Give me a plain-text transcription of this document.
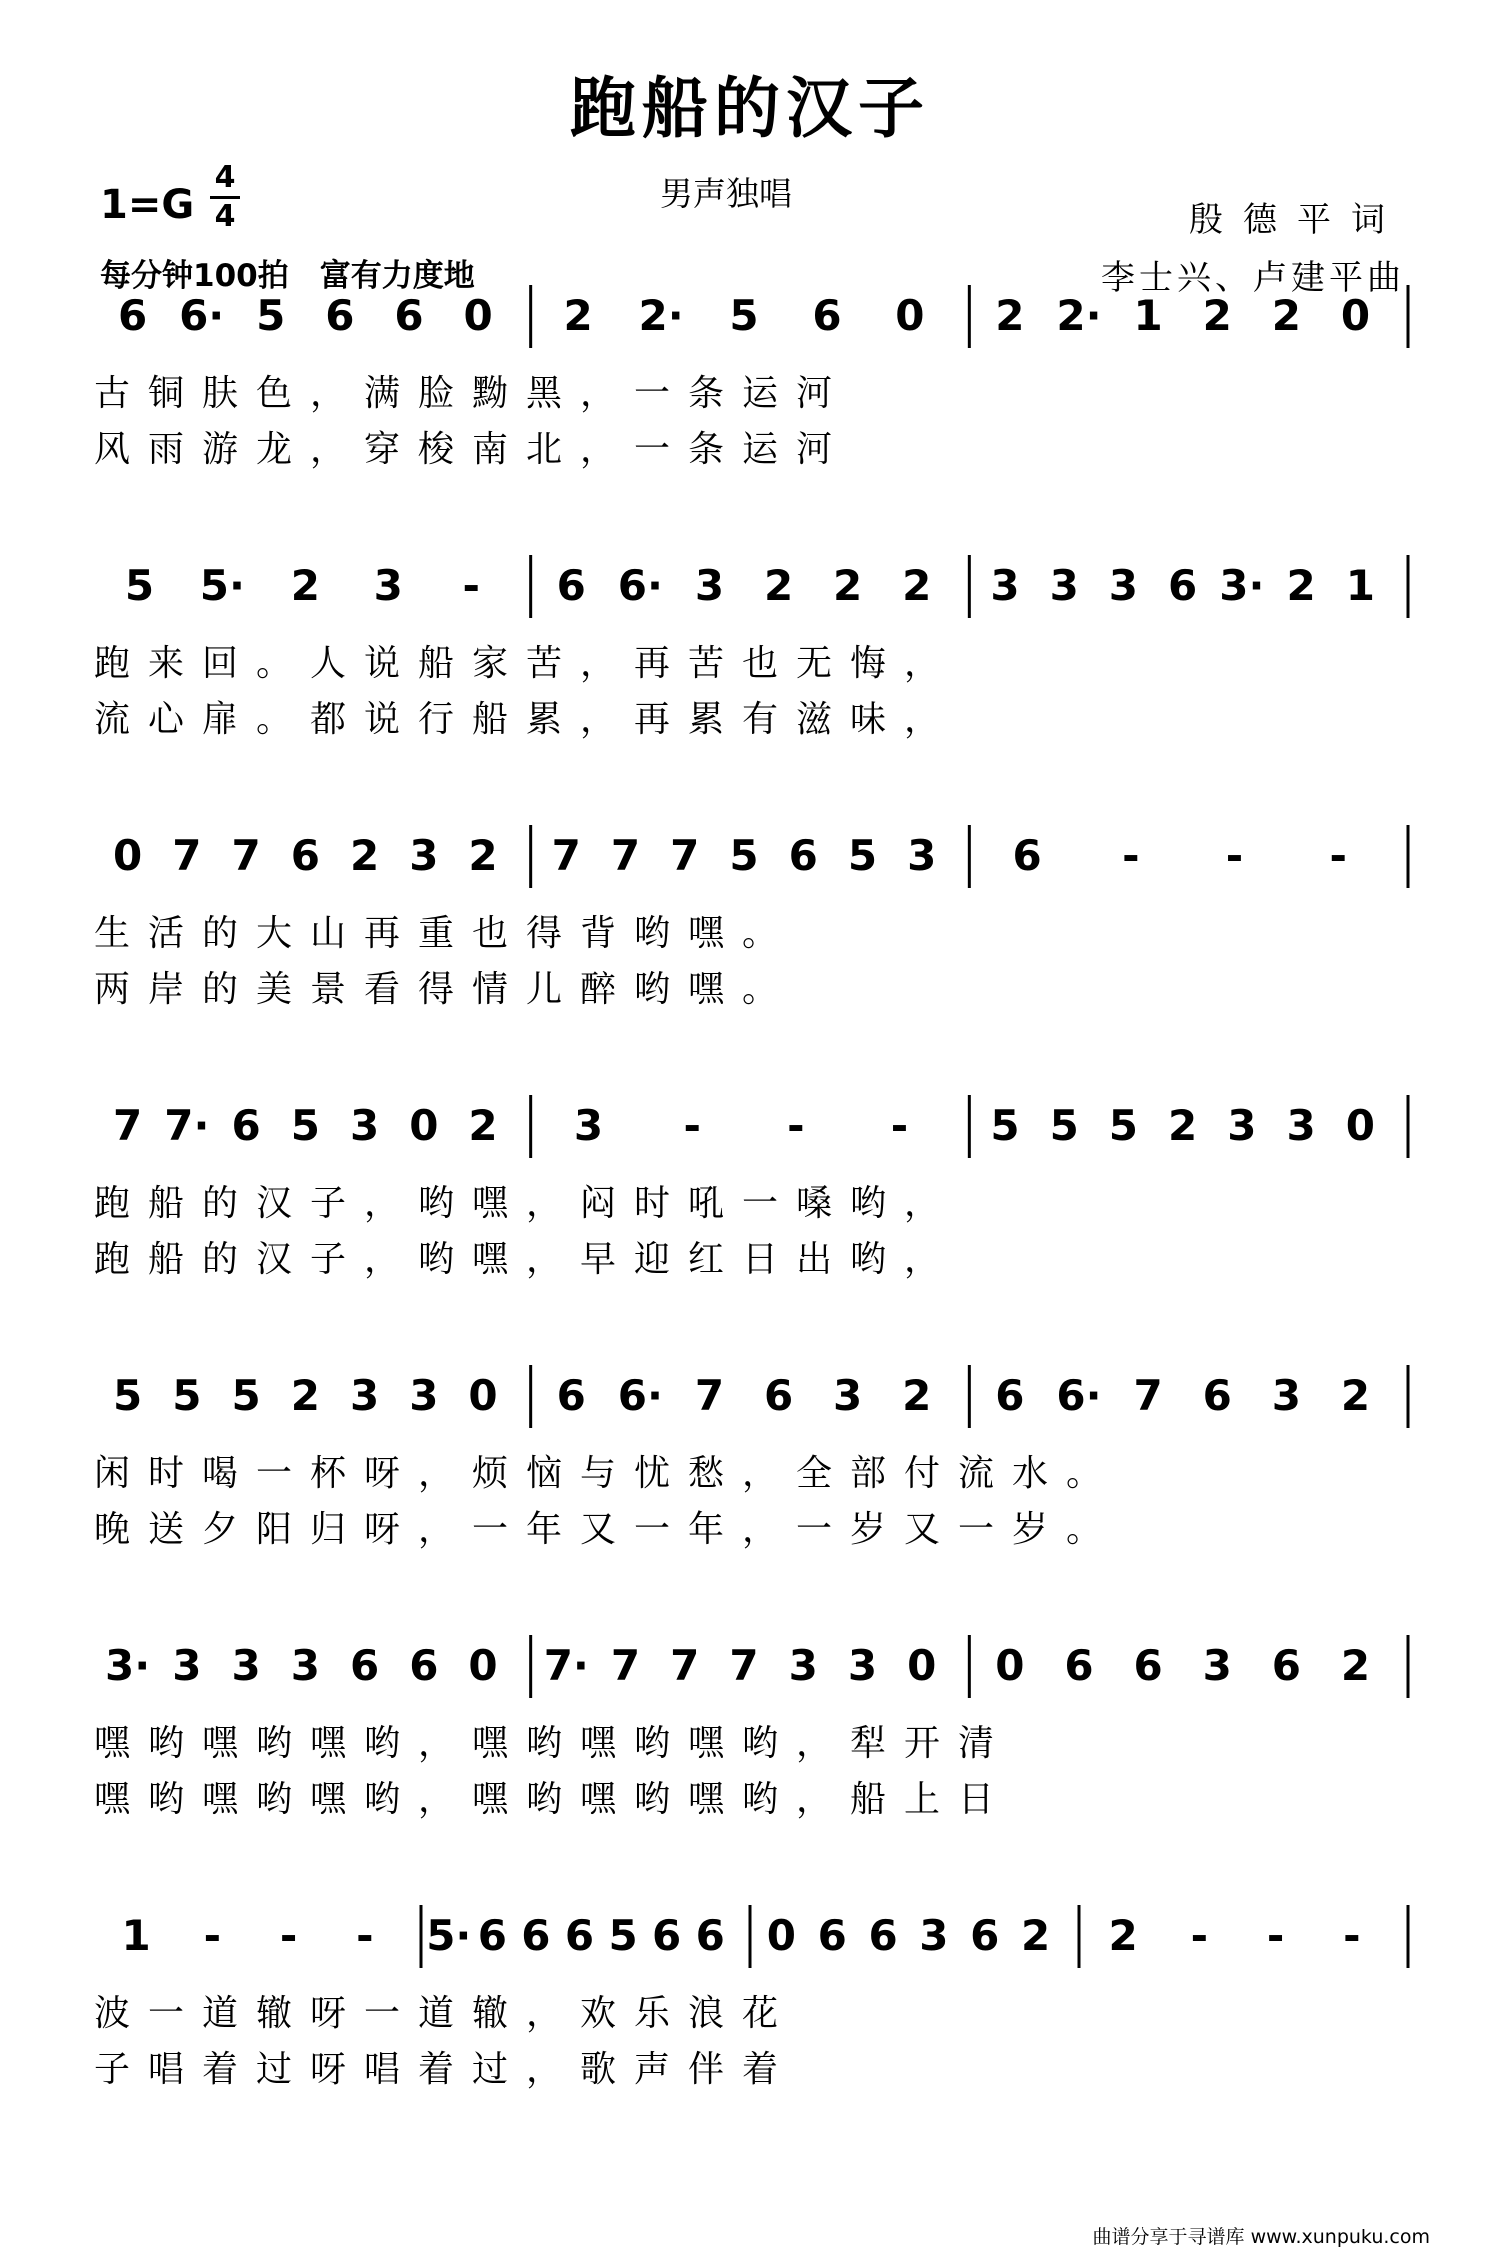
跑船的汉子
1=G
4
4
男声独唱
殷德平词
每分钟100拍　富有力度地	李士兴、卢建平曲
6 6· 5 6 6 0 2 2· 5 6 0 2 2· 1 2 2 0
古铜肤色，满脸黝黑，一条运河
风雨游龙，穿梭南北，一条运河
5 5· 2 3 - 6 6· 3 2 2 2 3 3 3 6 3· 2 1
跑来回。人说船家苦，再苦也无悔，
流心扉。都说行船累，再累有滋味，
0 7 7 6 2 3 2 7 7 7 5 6 5 3 6 - - -
生活的大山再重也得背哟嘿。
两岸的美景看得情儿醉哟嘿。
7 7· 6 5 3 0 2 3 - - - 5 5 5 2 3 3 0
跑船的汉子，哟嘿，闷时吼一嗓哟，
跑船的汉子，哟嘿，早迎红日出哟，
5 5 5 2 3 3 0 6 6· 7 6 3 2 6 6· 7 6 3 2
闲时喝一杯呀，烦恼与忧愁，全部付流水。
晚送夕阳归呀，一年又一年，一岁又一岁。
3· 3 3 3 6 6 0 7· 7 7 7 3 3 0 0 6 6 3 6 2
嘿哟嘿哟嘿哟，嘿哟嘿哟嘿哟，犁开清
嘿哟嘿哟嘿哟，嘿哟嘿哟嘿哟，船上日
1 - - - 5· 6 6 6 5 6 6 0 6 6 3 6 2 2 - - -
波一道辙呀一道辙，欢乐浪花
子唱着过呀唱着过，歌声伴着
曲谱分享于寻谱库 www.xunpuku.com
